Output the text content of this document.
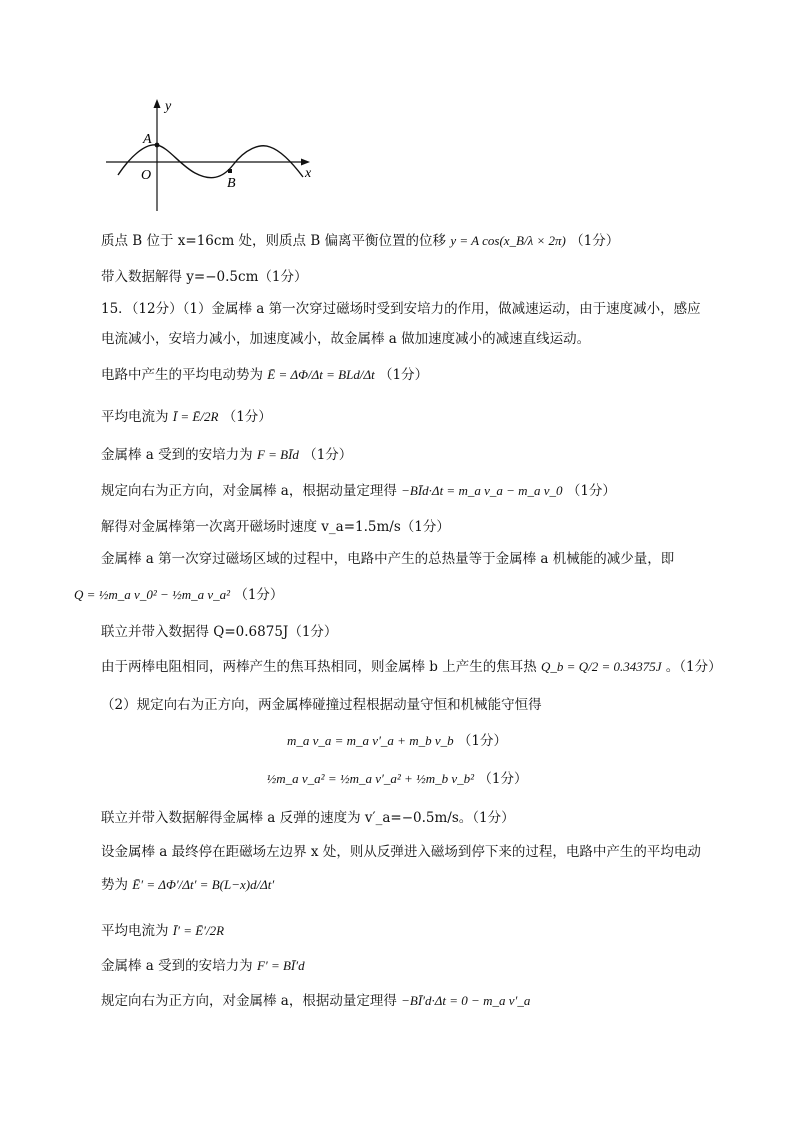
y
x
A
O
B
质点 B 位于 x=16cm 处，则质点 B 偏离平衡位置的位移 y = A cos(x_B/λ × 2π) （1分）
带入数据解得 y=−0.5cm（1分）
15．（12分）（1）金属棒 a 第一次穿过磁场时受到安培力的作用，做减速运动，由于速度减小，感应
电流减小，安培力减小，加速度减小，故金属棒 a 做加速度减小的减速直线运动。
电路中产生的平均电动势为 Ē = ΔΦ/Δt = BLd/Δt （1分）
平均电流为 Ī = Ē/2R （1分）
金属棒 a 受到的安培力为 F = BĪd （1分）
规定向右为正方向，对金属棒 a，根据动量定理得 −BĪd·Δt = m_a v_a − m_a v_0 （1分）
解得对金属棒第一次离开磁场时速度 v_a=1.5m/s（1分）
金属棒 a 第一次穿过磁场区域的过程中，电路中产生的总热量等于金属棒 a 机械能的减少量，即
Q = ½m_a v_0² − ½m_a v_a² （1分）
联立并带入数据得 Q=0.6875J（1分）
由于两棒电阻相同，两棒产生的焦耳热相同，则金属棒 b 上产生的焦耳热 Q_b = Q/2 = 0.34375J 。（1分）
（2）规定向右为正方向，两金属棒碰撞过程根据动量守恒和机械能守恒得
m_a v_a = m_a v′_a + m_b v_b （1分）
½m_a v_a² = ½m_a v′_a² + ½m_b v_b² （1分）
联立并带入数据解得金属棒 a 反弹的速度为 v′_a=−0.5m/s。（1分）
设金属棒 a 最终停在距磁场左边界 x 处，则从反弹进入磁场到停下来的过程，电路中产生的平均电动
势为 Ē′ = ΔΦ′/Δt′ = B(L−x)d/Δt′
平均电流为 Ī′ = Ē′/2R
金属棒 a 受到的安培力为 F′ = BĪ′d
规定向右为正方向，对金属棒 a，根据动量定理得 −BĪ′d·Δt = 0 − m_a v′_a
